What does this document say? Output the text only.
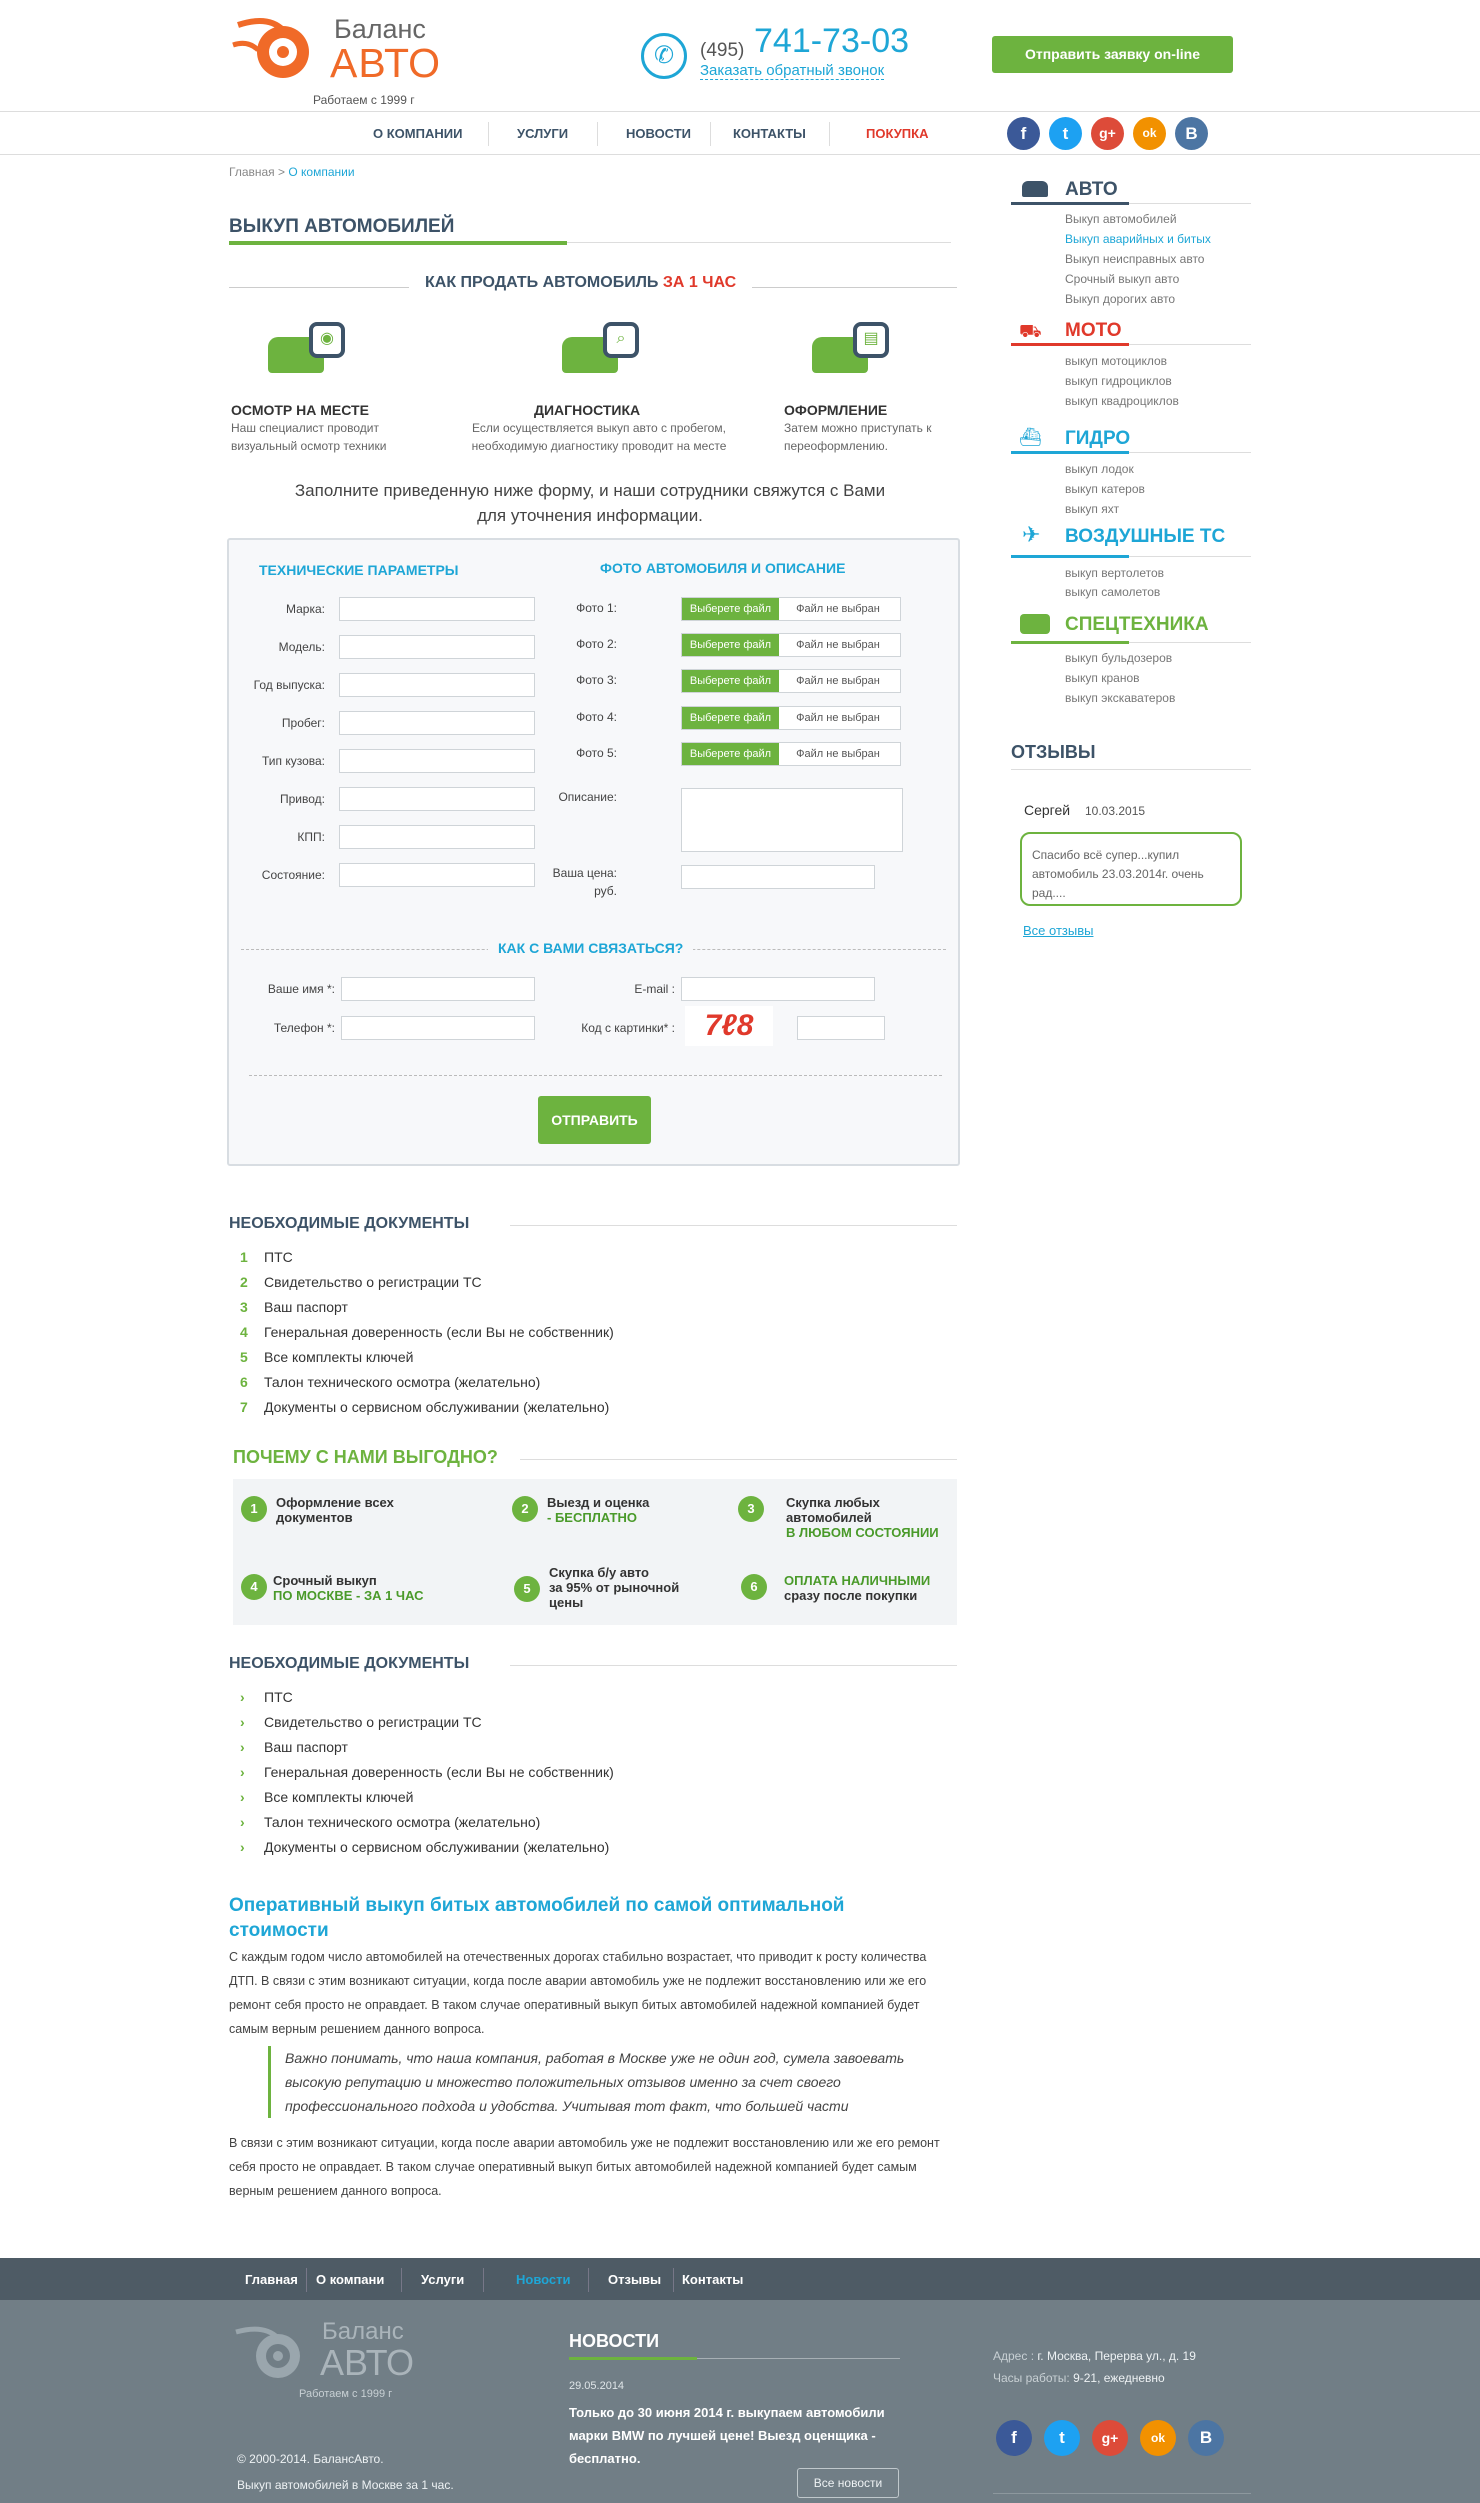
Баланс
АВТО
Работаем с 1999 г
✆	(495) 741-73-03
Заказать обратный звонок
Отправить заявку on-line
О КОМПАНИИ	УСЛУГИ	НОВОСТИ	КОНТАКТЫ	ПОКУПКА	f	t	g+	ok	B
Главная > О компании
ВЫКУП АВТОМОБИЛЕЙ
КАК ПРОДАТЬ АВТОМОБИЛЬ ЗА 1 ЧАС
◉	⌕	▤
ОСМОТР НА МЕСТЕ
Наш специалист проводит визуальный осмотр техники
ДИАГНОСТИКА
Если осуществляется выкуп авто с пробегом, необходимую диагностику проводит на месте
ОФОРМЛЕНИЕ
Затем можно приступать к переоформлению.
Заполните приведенную ниже форму, и наши сотрудники свяжутся с Вами для уточнения информации.
ТЕХНИЧЕСКИЕ ПАРАМЕТРЫ	ФОТО АВТОМОБИЛЯ И ОПИСАНИЕ
Марка:
Модель:
Год выпуска:
Пробег:
Тип кузова:
Привод:
КПП:
Состояние:
Фото 1:	Выберете файл Файл не выбран
Фото 2:	Выберете файл Файл не выбран
Фото 3:	Выберете файл Файл не выбран
Фото 4:	Выберете файл Файл не выбран
Фото 5:	Выберете файл Файл не выбран
Описание:
Ваша цена:
руб.
КАК С ВАМИ СВЯЗАТЬСЯ?
Ваше имя *:
Телефон *:
E-mail :
Код с картинки* : 7ℓ8
ОТПРАВИТЬ
НЕОБХОДИМЫЕ ДОКУМЕНТЫ
1 ПТС
2 Свидетельство о регистрации ТС
3 Ваш паспорт
4 Генеральная доверенность (если Вы не собственник)
5 Все комплекты ключей
6 Талон технического осмотра (желательно)
7 Документы о сервисном обслуживании (желательно)
ПОЧЕМУ С НАМИ ВЫГОДНО?
1	Оформление всех
документов
2	Выезд и оценка
- БЕСПЛАТНО
3	Скупка любых
автомобилей
В ЛЮБОМ СОСТОЯНИИ
4	Срочный выкуп
ПО МОСКВЕ - ЗА 1 ЧАС	5
Скупка б/у авто
за 95% от рыночной цены
6	ОПЛАТА НАЛИЧНЫМИ
сразу после покупки
НЕОБХОДИМЫЕ ДОКУМЕНТЫ
› ПТС
› Свидетельство о регистрации ТС
› Ваш паспорт
› Генеральная доверенность (если Вы не собственник)
› Все комплекты ключей
› Талон технического осмотра (желательно)
› Документы о сервисном обслуживании (желательно)
Оперативный выкуп битых автомобилей по самой оптимальной стоимости
С каждым годом число автомобилей на отечественных дорогах стабильно возрастает, что приводит к росту количества ДТП. В связи с этим возникают ситуации, когда после аварии автомобиль уже не подлежит восстановлению или же его ремонт себя просто не оправдает. В таком случае оперативный выкуп битых автомобилей надежной компанией будет самым верным решением данного вопроса.
Важно понимать, что наша компания, работая в Москве уже не один год, сумела завоевать высокую репутацию и множество положительных отзывов именно за счет своего профессионального подхода и удобства. Учитывая тот факт, что большей части
В связи с этим возникают ситуации, когда после аварии автомобиль уже не подлежит восстановлению или же его ремонт себя просто не оправдает. В таком случае оперативный выкуп битых автомобилей надежной компанией будет самым верным решением данного вопроса.
АВТО
Выкуп автомобилей
Выкуп аварийных и битых
Выкуп неисправных авто
Срочный выкуп авто
Выкуп дорогих авто
⛟	МОТО
выкуп мотоциклов
выкуп гидроциклов
выкуп квадроциклов
⛴	ГИДРО
выкуп лодок
выкуп катеров
выкуп яхт
✈	ВОЗДУШНЫЕ ТС
выкуп вертолетов
выкуп самолетов
СПЕЦТЕХНИКА
выкуп бульдозеров
выкуп кранов
выкуп экскаватеров
ОТЗЫВЫ
Сергей 10.03.2015
Спасибо всё супер...купил автомобиль 23.03.2014г. очень рад....
Все отзывы
Главная О компани	Услуги	Новости	Отзывы Контакты
Баланс
АВТО
Работаем с 1999 г
© 2000-2014. БалансАвто.
Выкуп автомобилей в Москве за 1 час.
НОВОСТИ
29.05.2014
Только до 30 июня 2014 г. выкупаем автомобили марки BMW по лучшей цене! Выезд оценщика - бесплатно.
Все новости
Адрес : г. Москва, Перерва ул., д. 19
Часы работы: 9-21, ежедневно
f	t	g+	ok	B
